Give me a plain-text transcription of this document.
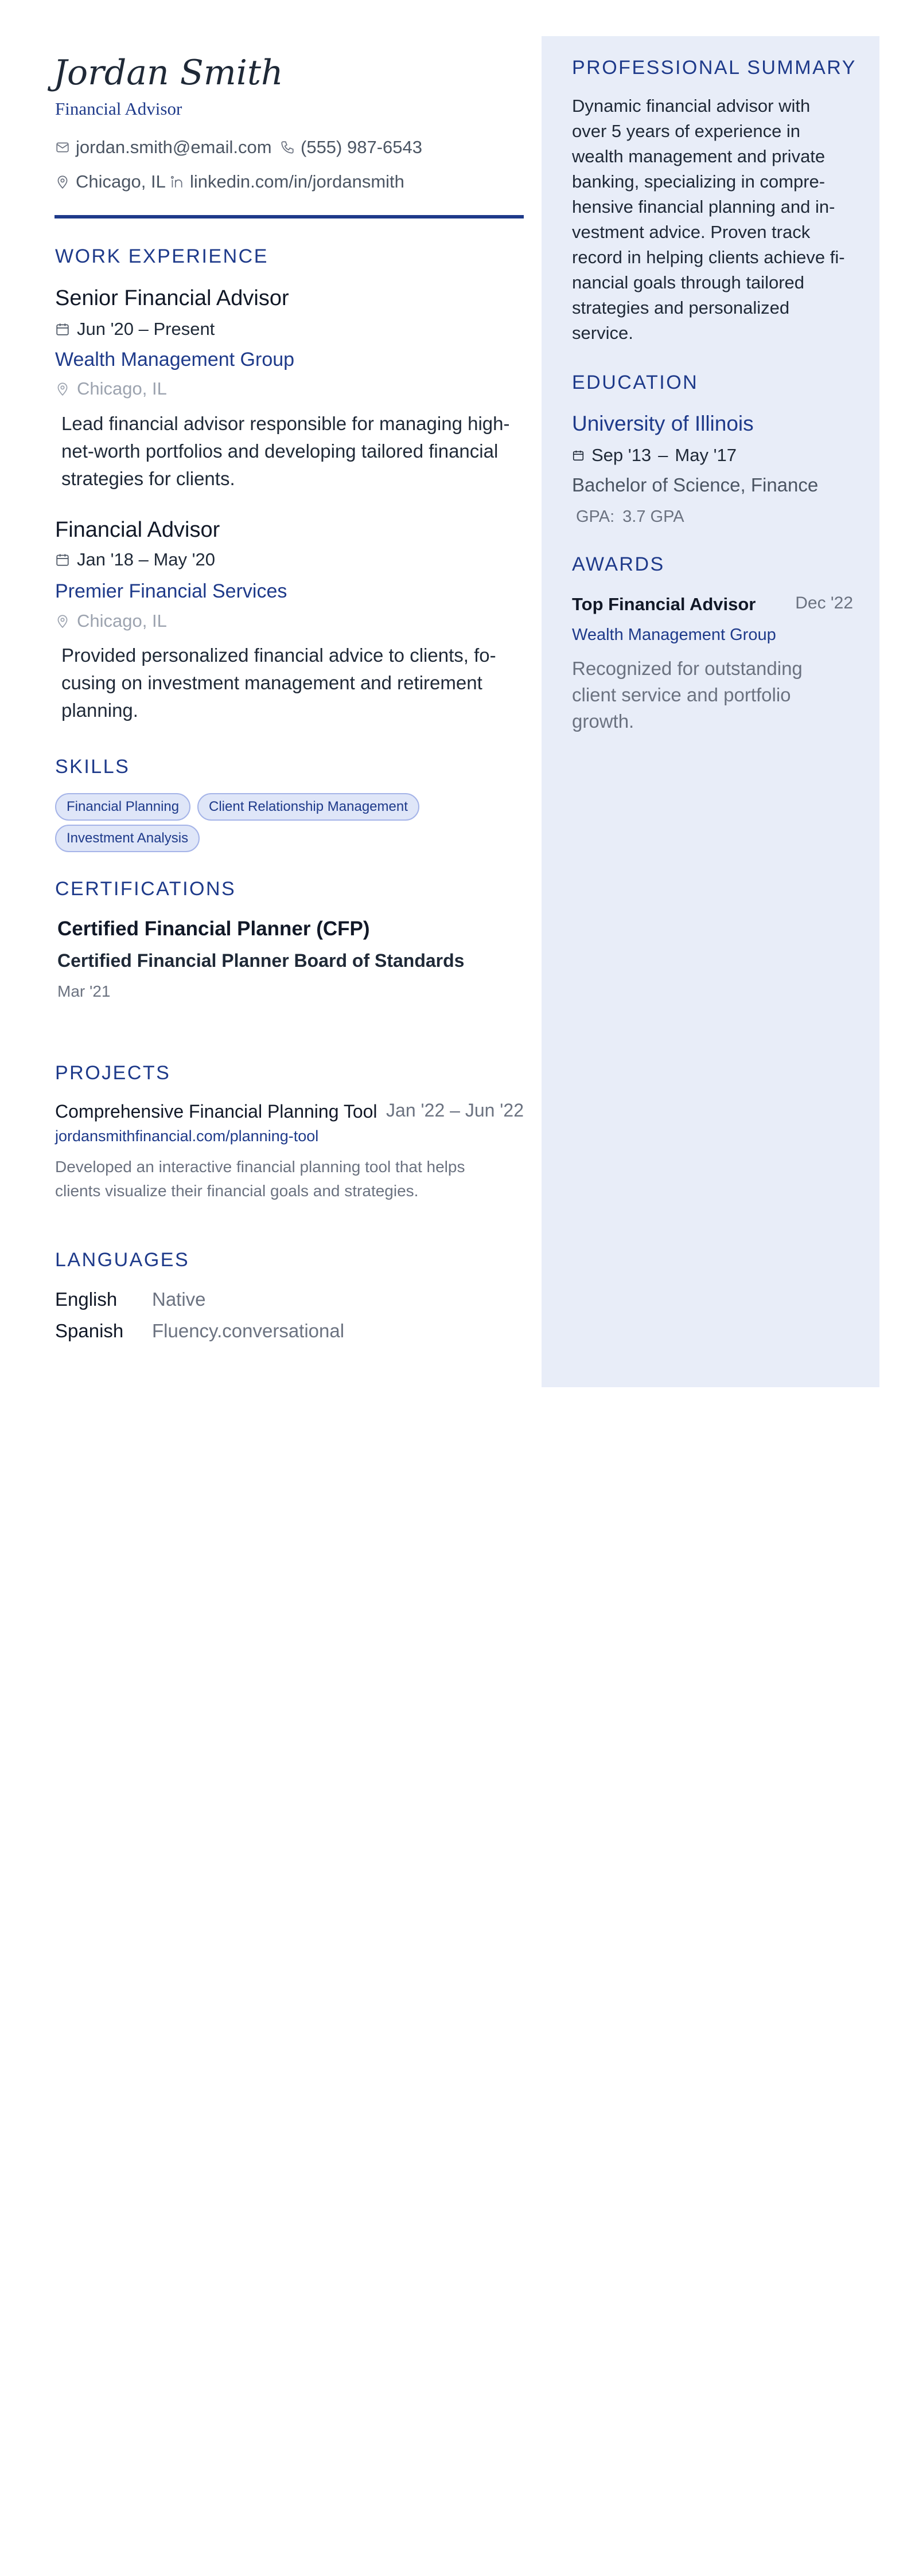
Jordan Smith
Financial Advisor
jordan.smith@email.com (555) 987-6543
Chicago, IL linkedin.com/in/jordansmith
WORK EXPERIENCE
Senior Financial Advisor
Jun '20 – Present
Wealth Management Group
Chicago, IL
Lead financial advisor responsible for managing high-
net-worth portfolios and developing tailored financial
strategies for clients.
Financial Advisor
Jan '18 – May '20
Premier Financial Services
Chicago, IL
Provided personalized financial advice to clients, fo-
cusing on investment management and retirement
planning.
SKILLS
Financial Planning	Client Relationship Management
Investment Analysis
CERTIFICATIONS
Certified Financial Planner (CFP)
Certified Financial Planner Board of Standards
Mar '21
PROJECTS
Comprehensive Financial Planning Tool Jan '22 – Jun '22
jordansmithfinancial.com/planning-tool
Developed an interactive financial planning tool that helps
clients visualize their financial goals and strategies.
LANGUAGES
English Native
Spanish Fluency.conversational
PROFESSIONAL SUMMARY
Dynamic financial advisor with
over 5 years of experience in
wealth management and private
banking, specializing in compre-
hensive financial planning and in-
vestment advice. Proven track
record in helping clients achieve fi-
nancial goals through tailored
strategies and personalized
service.
EDUCATION
University of Illinois
Sep '13 – May '17
Bachelor of Science, Finance
GPA: 3.7 GPA
AWARDS
Top Financial Advisor Dec '22
Wealth Management Group
Recognized for outstanding
client service and portfolio
growth.
